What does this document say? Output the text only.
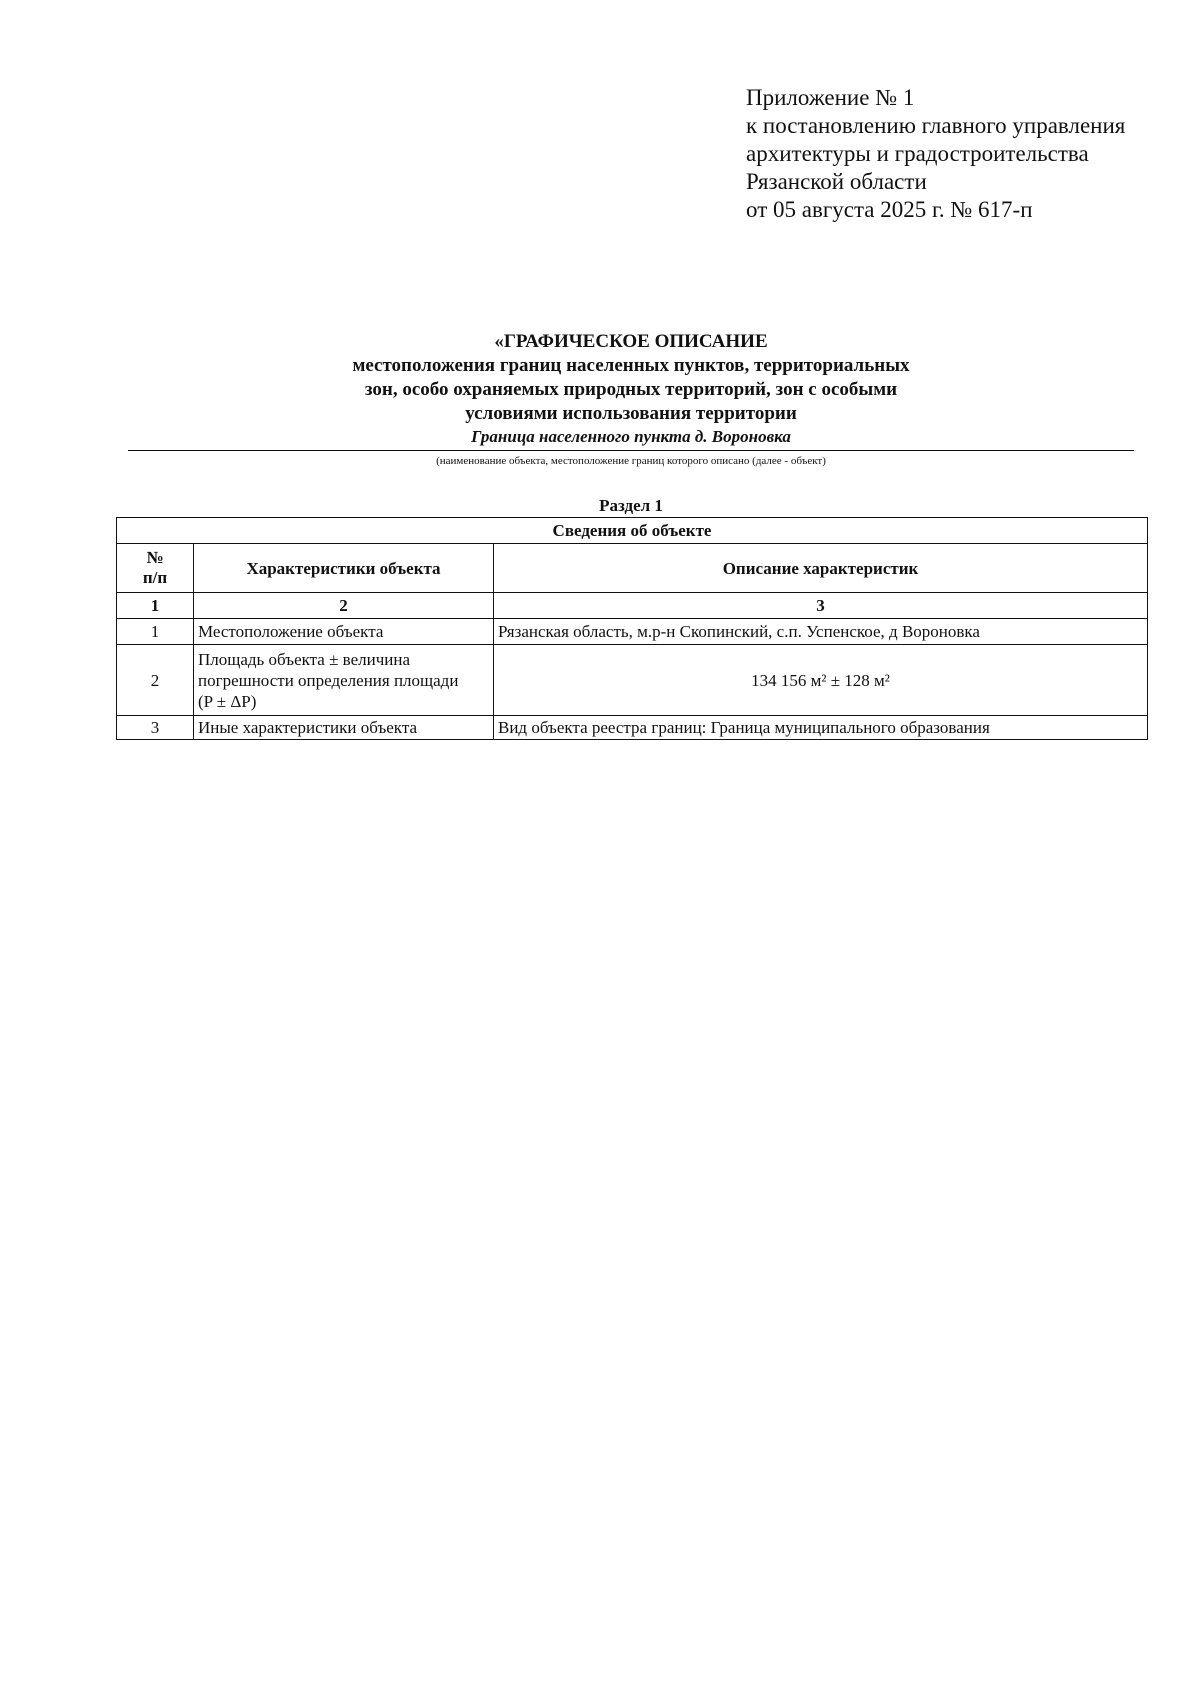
Приложение № 1
к постановлению главного управления
архитектуры и градостроительства
Рязанской области
от 05 августа 2025 г. № 617-п
«ГРАФИЧЕСКОЕ ОПИСАНИЕ
местоположения границ населенных пунктов, территориальных
зон, особо охраняемых природных территорий, зон с особыми
условиями использования территории
Граница населенного пункта д. Вороновка
(наименование объекта, местоположение границ которого описано (далее - объект)
Раздел 1
Сведения об объекте		
№
п/п	Характеристики объекта	Описание характеристик
1	2	3
1	Местоположение объекта	Рязанская область, м.р-н Скопинский, с.п. Успенское, д Вороновка
2	Площадь объекта ± величина
погрешности определения площади
(P ± ΔP)	134 156 м² ± 128 м²
3	Иные характеристики объекта	Вид объекта реестра границ: Граница муниципального образования
